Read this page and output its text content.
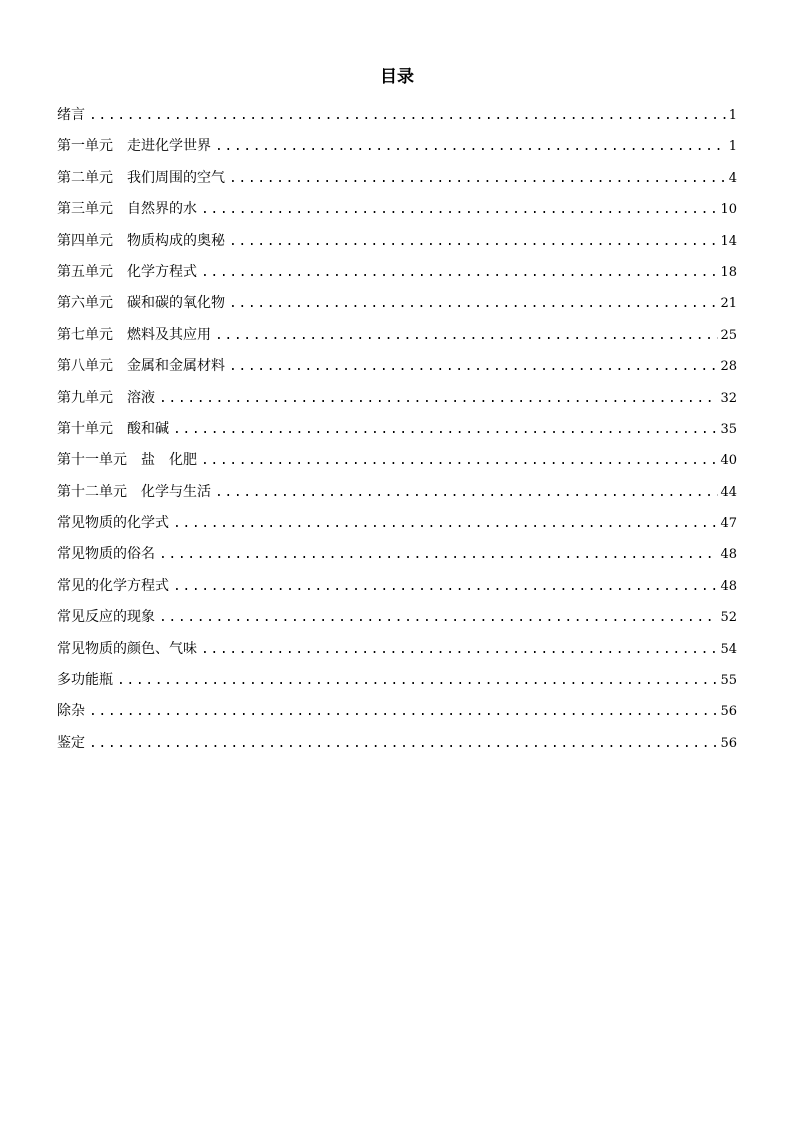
目录
绪言 .....	1
第一单元　走进化学世界 .....	1
第二单元　我们周围的空气 .....	4
第三单元　自然界的水 .....	10
第四单元　物质构成的奥秘 .....	14
第五单元　化学方程式 .....	18
第六单元　碳和碳的氧化物 .....	21
第七单元　燃料及其应用 .....	25
第八单元　金属和金属材料 .....	28
第九单元　溶液 .....	32
第十单元　酸和碱 .....	35
第十一单元　盐　化肥 .....	40
第十二单元　化学与生活 .....	44
常见物质的化学式 .....	47
常见物质的俗名 .....	48
常见的化学方程式 .....	48
常见反应的现象 .....	52
常见物质的颜色、气味 .....	54
多功能瓶 .....	55
除杂 .....	56
鉴定 .....	56
